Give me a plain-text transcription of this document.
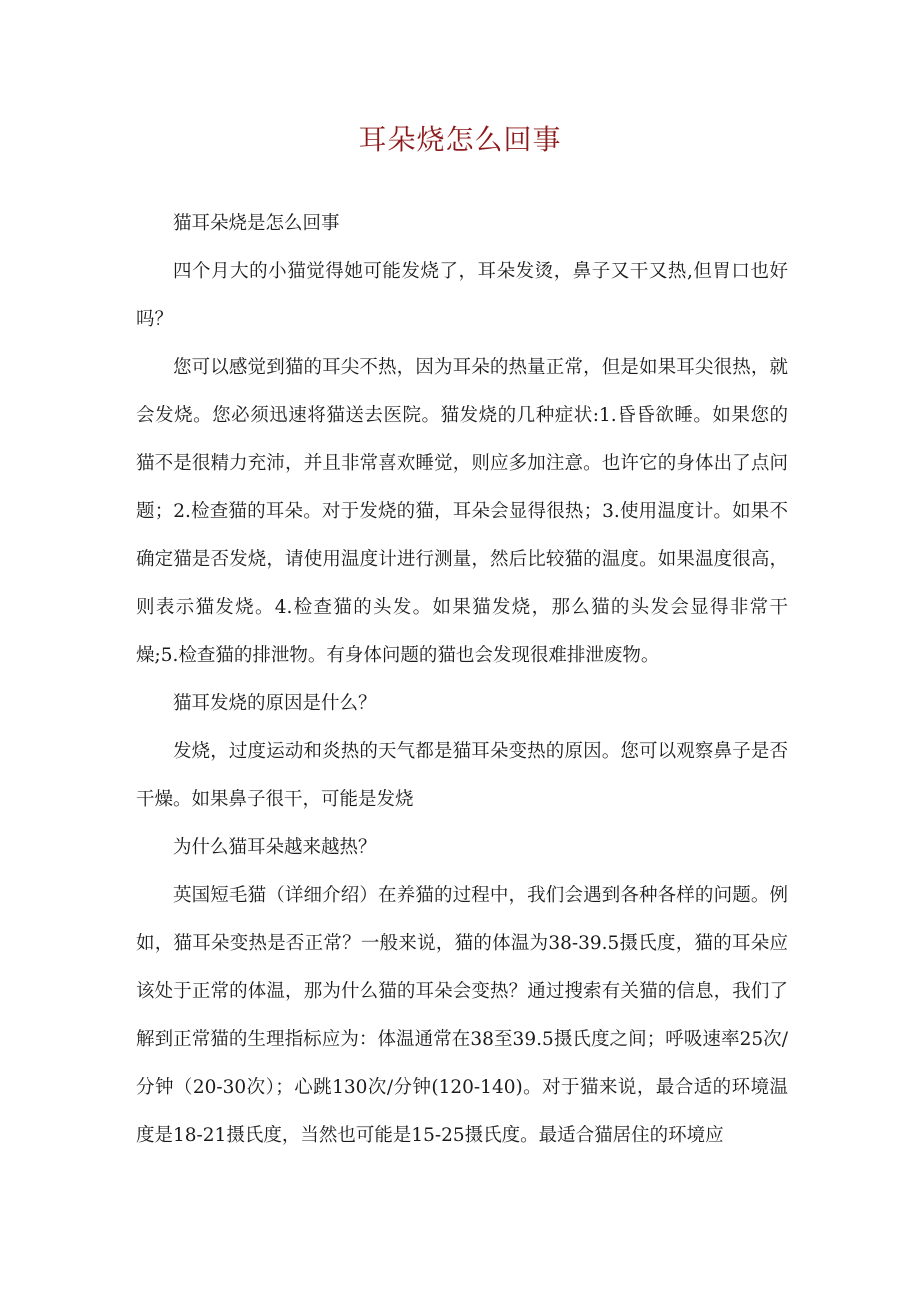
耳朵烧怎么回事

猫耳朵烧是怎么回事

四个月大的小猫觉得她可能发烧了，耳朵发烫，鼻子又干又热,但胃口也好吗？

您可以感觉到猫的耳尖不热，因为耳朵的热量正常，但是如果耳尖很热，就会发烧。您必须迅速将猫送去医院。猫发烧的几种症状:1.昏昏欲睡。如果您的猫不是很精力充沛，并且非常喜欢睡觉，则应多加注意。也许它的身体出了点问题；2.检查猫的耳朵。对于发烧的猫，耳朵会显得很热；3.使用温度计。如果不确定猫是否发烧，请使用温度计进行测量，然后比较猫的温度。如果温度很高，则表示猫发烧。4.检查猫的头发。如果猫发烧，那么猫的头发会显得非常干燥;5.检查猫的排泄物。有身体问题的猫也会发现很难排泄废物。

猫耳发烧的原因是什么？

发烧，过度运动和炎热的天气都是猫耳朵变热的原因。您可以观察鼻子是否干燥。如果鼻子很干，可能是发烧

为什么猫耳朵越来越热？

英国短毛猫（详细介绍）在养猫的过程中，我们会遇到各种各样的问题。例如，猫耳朵变热是否正常？一般来说，猫的体温为38-39.5摄氏度，猫的耳朵应该处于正常的体温，那为什么猫的耳朵会变热？通过搜索有关猫的信息，我们了解到正常猫的生理指标应为：体温通常在38至39.5摄氏度之间；呼吸速率25次/分钟（20-30次）；心跳130次/分钟(120-140)。对于猫来说，最合适的环境温度是18-21摄氏度，当然也可能是15-25摄氏度。最适合猫居住的环境应
